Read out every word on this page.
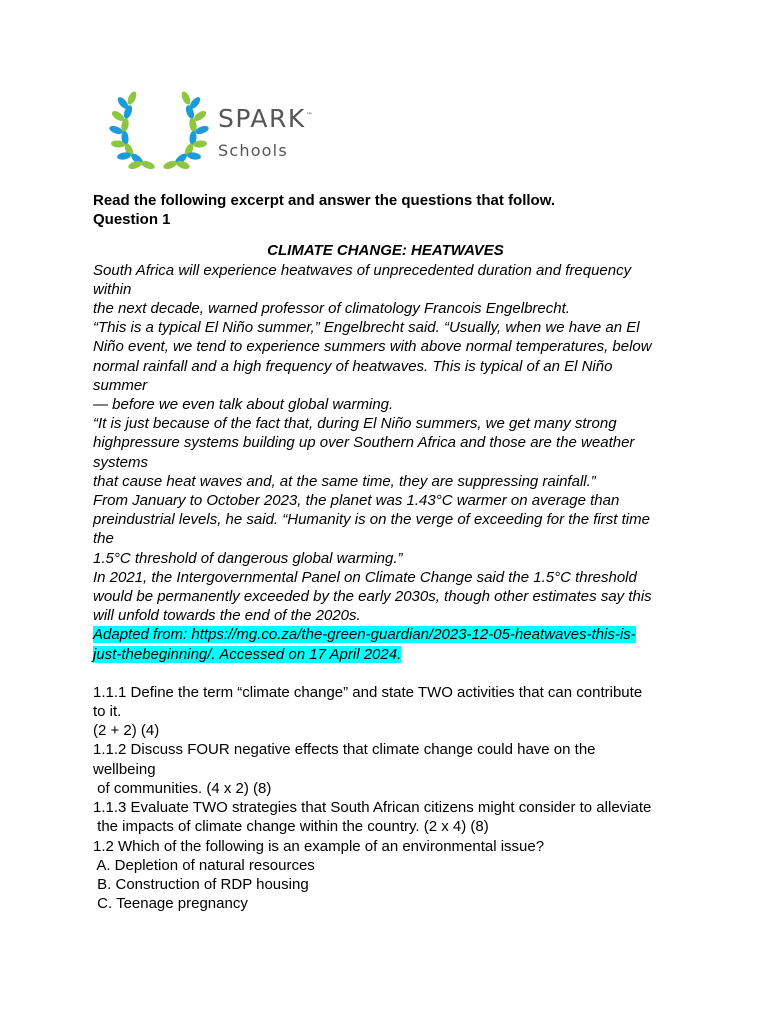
SPARK™
Schools
Read the following excerpt and answer the questions that follow.
Question 1
CLIMATE CHANGE: HEATWAVES
South Africa will experience heatwaves of unprecedented duration and frequency
within
the next decade, warned professor of climatology Francois Engelbrecht.
“This is a typical El Niño summer,” Engelbrecht said. “Usually, when we have an El
Niño event, we tend to experience summers with above normal temperatures, below
normal rainfall and a high frequency of heatwaves. This is typical of an El Niño
summer
— before we even talk about global warming.
“It is just because of the fact that, during El Niño summers, we get many strong
highpressure systems building up over Southern Africa and those are the weather
systems
that cause heat waves and, at the same time, they are suppressing rainfall.”
From January to October 2023, the planet was 1.43°C warmer on average than
preindustrial levels, he said. “Humanity is on the verge of exceeding for the first time
the
1.5°C threshold of dangerous global warming.”
In 2021, the Intergovernmental Panel on Climate Change said the 1.5°C threshold
would be permanently exceeded by the early 2030s, though other estimates say this
will unfold towards the end of the 2020s.
Adapted from: https://mg.co.za/the-green-guardian/2023-12-05-heatwaves-this-is-
just-thebeginning/. Accessed on 17 April 2024.
1.1.1 Define the term “climate change” and state TWO activities that can contribute
to it.
(2 + 2) (4)
1.1.2 Discuss FOUR negative effects that climate change could have on the
wellbeing
of communities. (4 x 2) (8)
1.1.3 Evaluate TWO strategies that South African citizens might consider to alleviate
the impacts of climate change within the country. (2 x 4) (8)
1.2 Which of the following is an example of an environmental issue?
A. Depletion of natural resources
B. Construction of RDP housing
C. Teenage pregnancy
